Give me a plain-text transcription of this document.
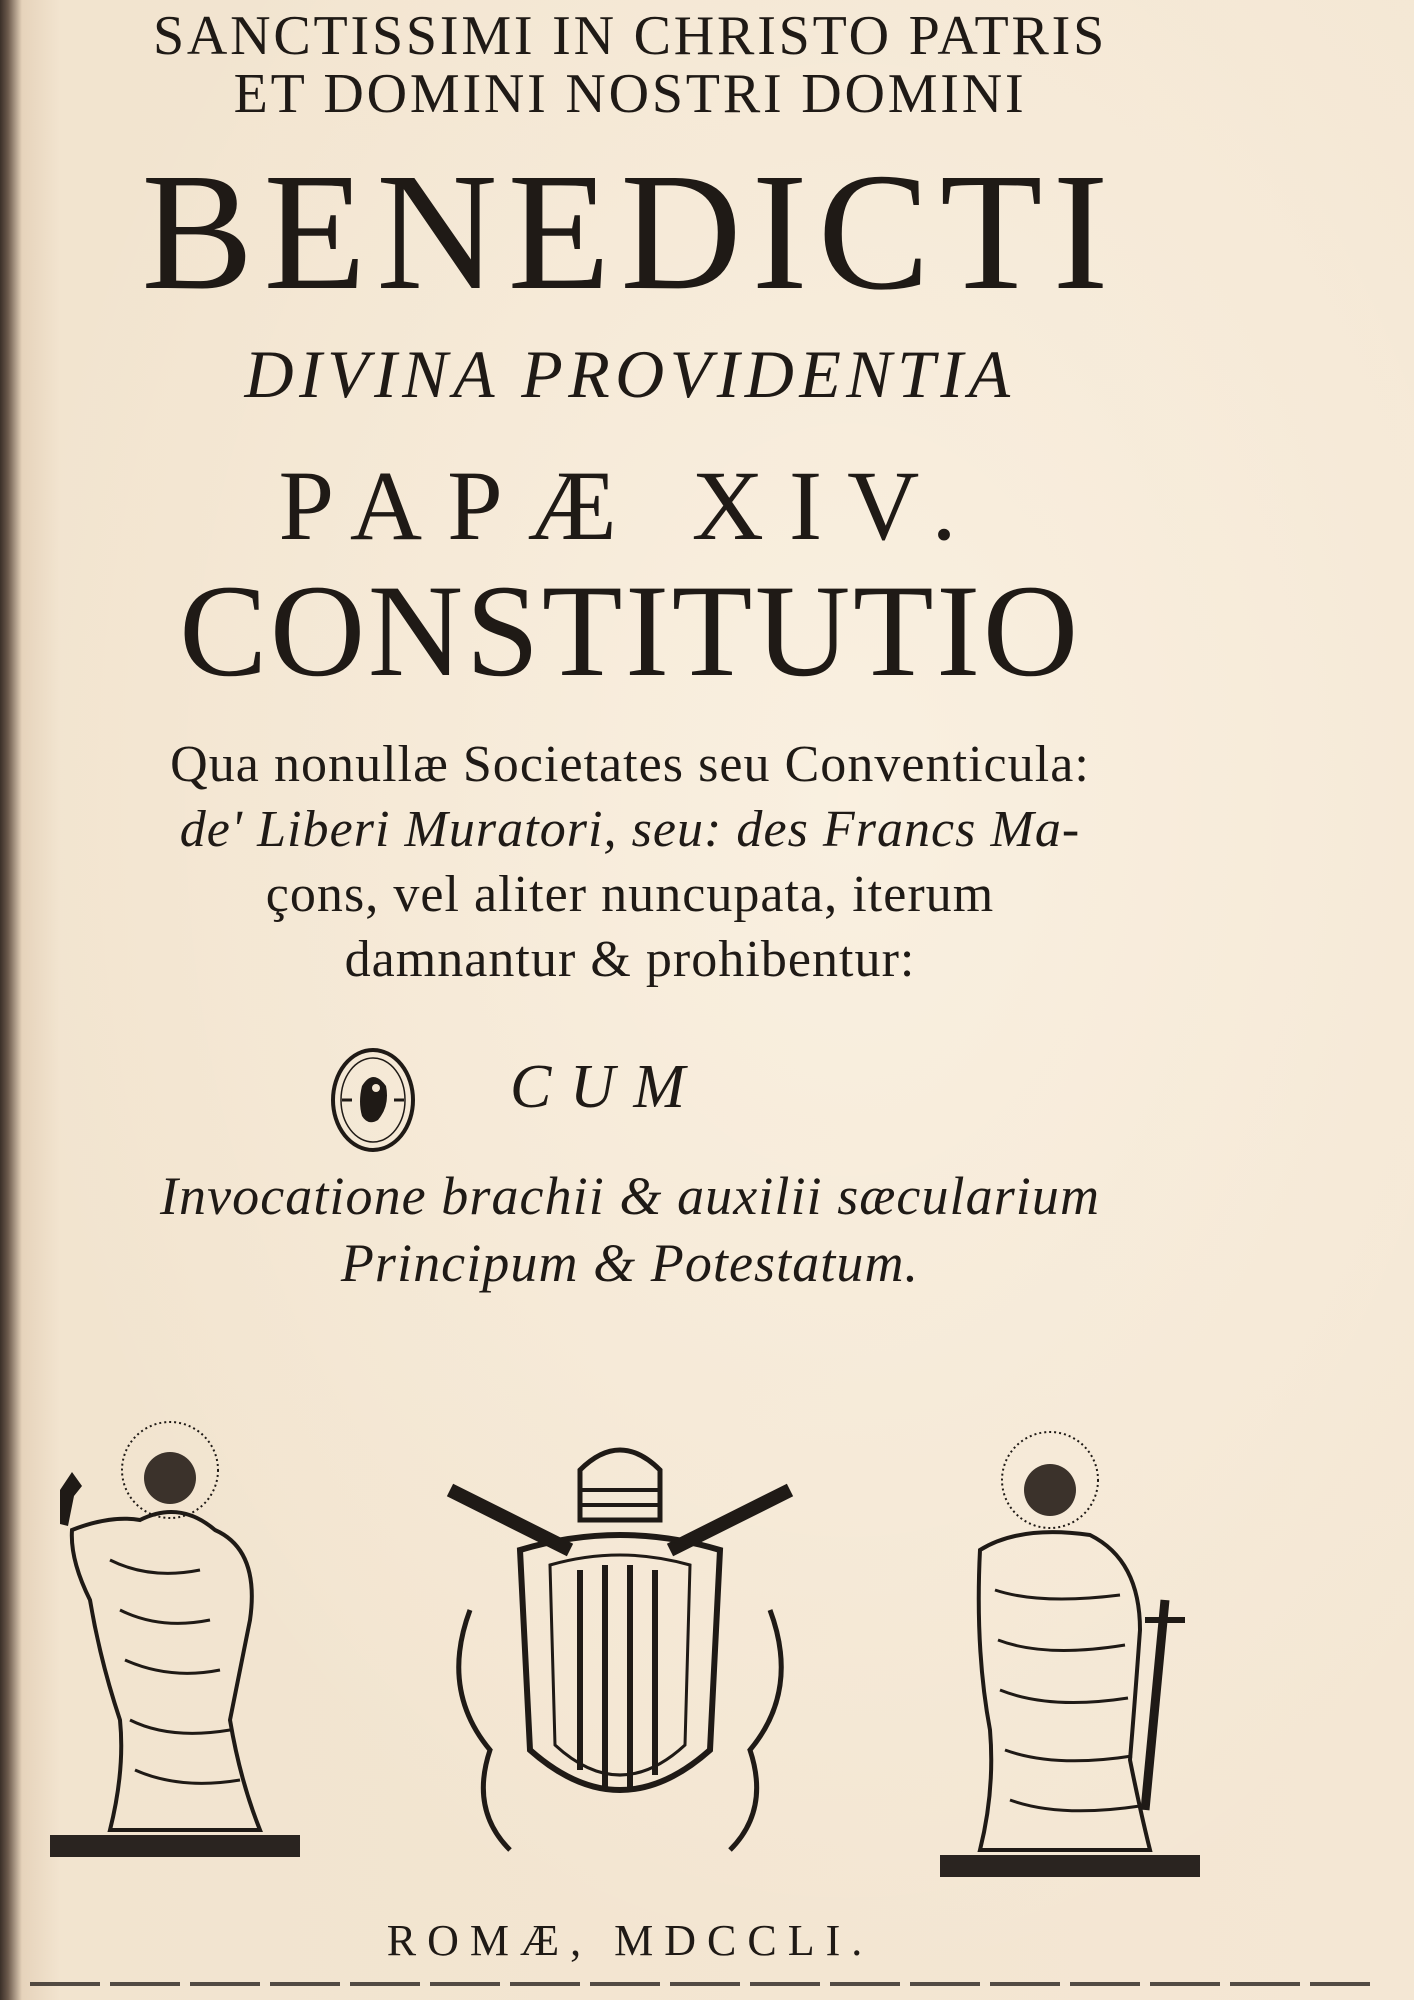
SANCTISSIMI IN CHRISTO PATRIS
ET DOMINI NOSTRI DOMINI
BENEDICTI
DIVINA PROVIDENTIA
PAPÆ XIV.
CONSTITUTIO
Qua nonullæ Societates seu Conventicula:
de' Liberi Muratori, seu: des Francs Ma-
çons, vel aliter nuncupata, iterum
damnantur & prohibentur:
CUM
Invocatione brachii & auxilii sæcularium
Principum & Potestatum.
ROMÆ, MDCCLI.
